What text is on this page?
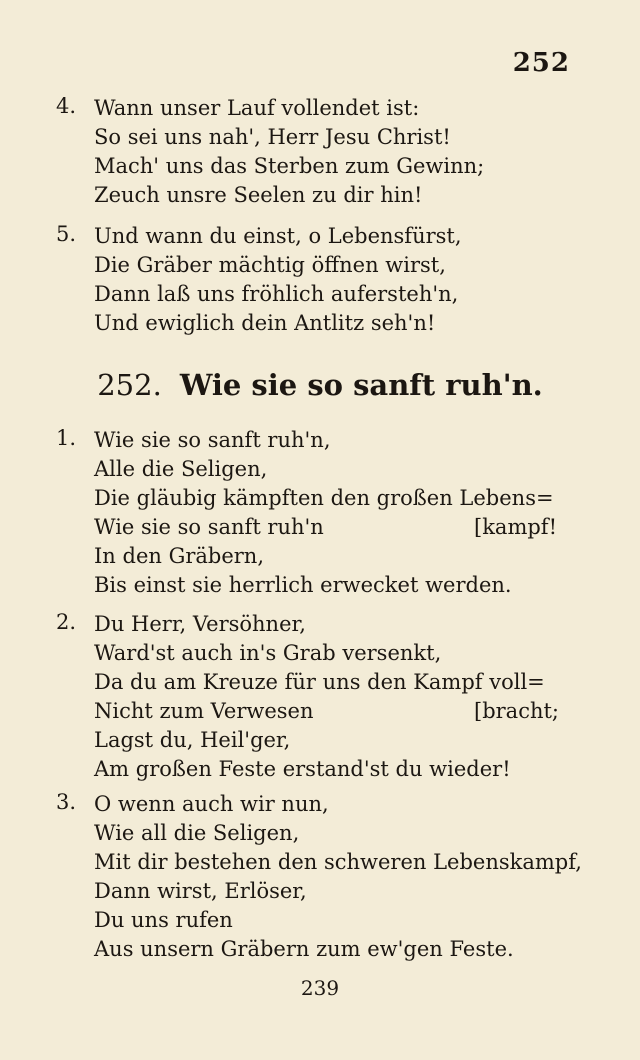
252
4. Wann unser Lauf vollendet ist:
So sei uns nah', Herr Jesu Christ!
Mach' uns das Sterben zum Gewinn;
Zeuch unsre Seelen zu dir hin!
5. Und wann du einst, o Lebensfürst,
Die Gräber mächtig öffnen wirst,
Dann laß uns fröhlich aufersteh'n,
Und ewiglich dein Antlitz seh'n!
252. Wie sie so sanft ruh'n.
1. Wie sie so sanft ruh'n,
Alle die Seligen,
Die gläubig kämpften den großen Lebens=
Wie sie so sanft ruh'n	[kampf!
In den Gräbern,
Bis einst sie herrlich erwecket werden.
2. Du Herr, Versöhner,
Ward'st auch in's Grab versenkt,
Da du am Kreuze für uns den Kampf voll=
Nicht zum Verwesen	[bracht;
Lagst du, Heil'ger,
Am großen Feste erstand'st du wieder!
3. O wenn auch wir nun,
Wie all die Seligen,
Mit dir bestehen den schweren Lebenskampf,
Dann wirst, Erlöser,
Du uns rufen
Aus unsern Gräbern zum ew'gen Feste.
239
